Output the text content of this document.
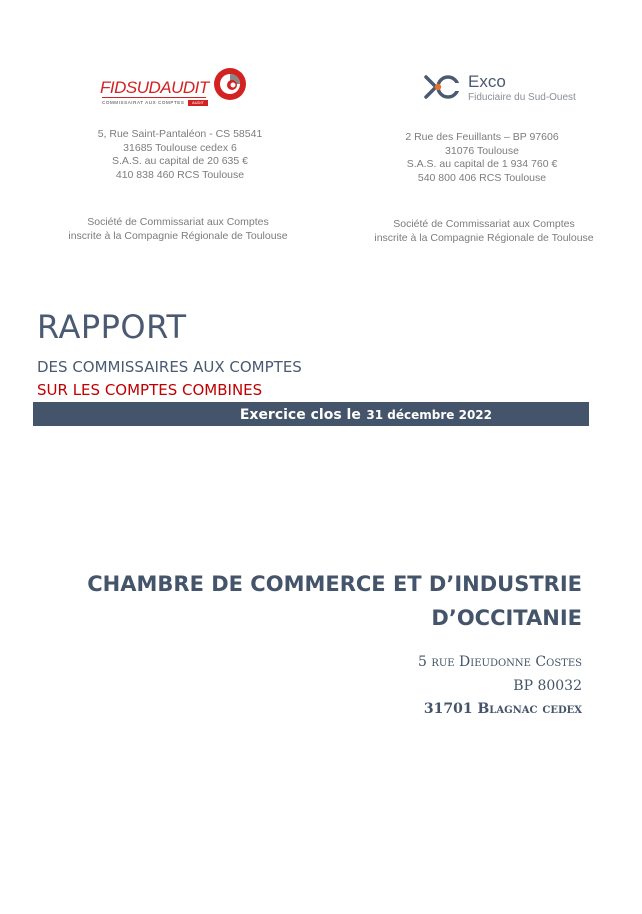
FIDSUDAUDIT
COMMISSAIRAT AUX COMPTES	AUDIT
Exco
Fiduciaire du Sud-Ouest
5, Rue Saint-Pantaléon - CS 58541
31685 Toulouse cedex 6
S.A.S. au capital de 20 635 €
410 838 460 RCS Toulouse
Société de Commissariat aux Comptes
inscrite à la Compagnie Régionale de Toulouse
2 Rue des Feuillants – BP 97606
31076 Toulouse
S.A.S. au capital de 1 934 760 €
540 800 406 RCS Toulouse
Société de Commissariat aux Comptes
inscrite à la Compagnie Régionale de Toulouse
RAPPORT
DES COMMISSAIRES AUX COMPTES
SUR LES COMPTES COMBINES
Exercice clos le 31 décembre 2022
CHAMBRE DE COMMERCE ET D’INDUSTRIE
D’OCCITANIE
5 rue Dieudonne Costes
BP 80032
31701 Blagnac cedex
